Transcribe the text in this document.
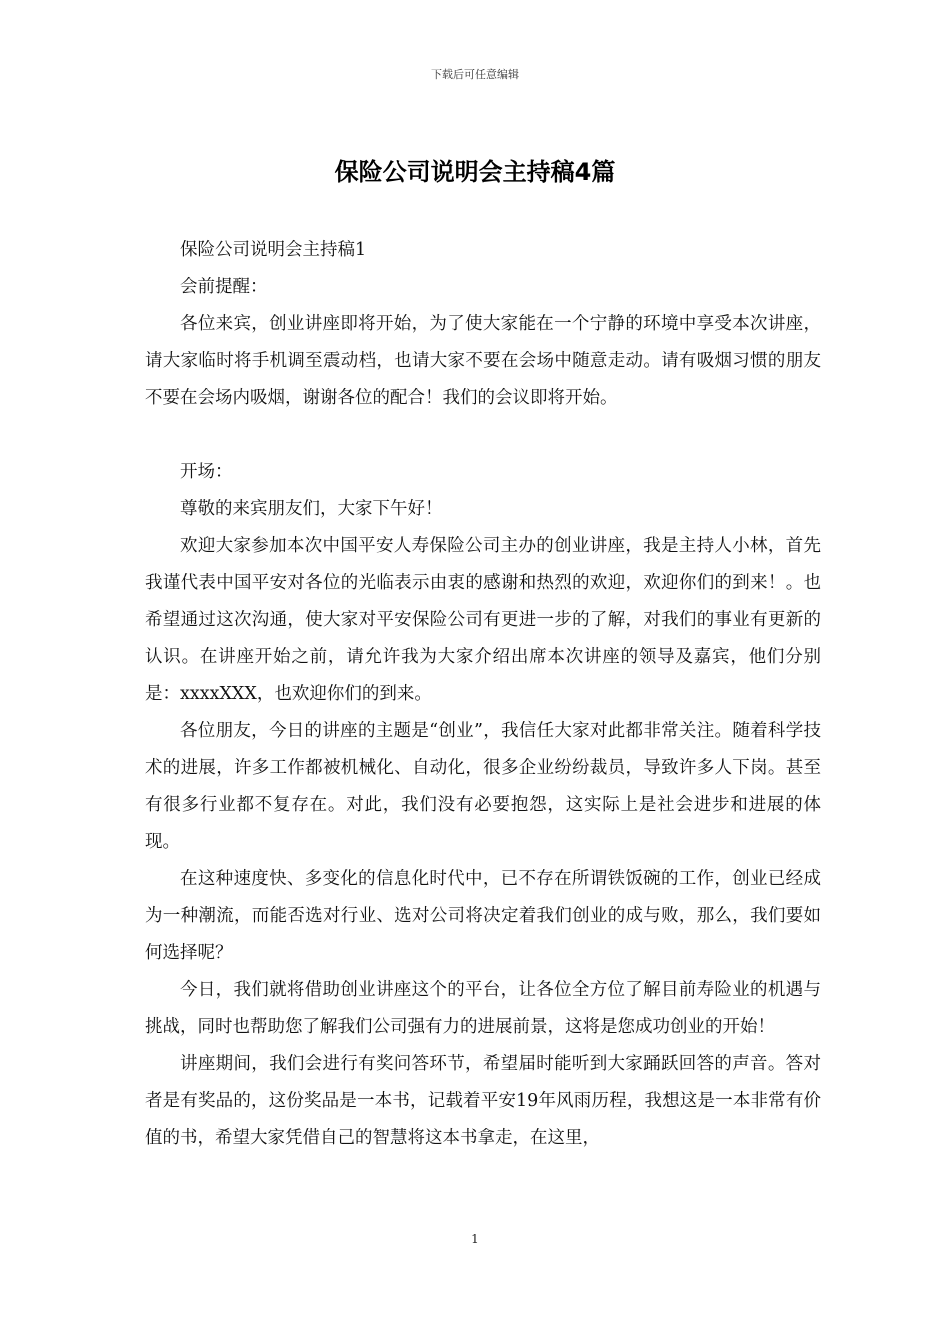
下载后可任意编辑
保险公司说明会主持稿4篇

保险公司说明会主持稿1

会前提醒：

各位来宾，创业讲座即将开始，为了使大家能在一个宁静的环境中享受本次讲座，请大家临时将手机调至震动档，也请大家不要在会场中随意走动。请有吸烟习惯的朋友不要在会场内吸烟，谢谢各位的配合！我们的会议即将开始。

开场：

尊敬的来宾朋友们，大家下午好！

欢迎大家参加本次中国平安人寿保险公司主办的创业讲座，我是主持人小林，首先我谨代表中国平安对各位的光临表示由衷的感谢和热烈的欢迎，欢迎你们的到来！。也希望通过这次沟通，使大家对平安保险公司有更进一步的了解，对我们的事业有更新的认识。在讲座开始之前，请允许我为大家介绍出席本次讲座的领导及嘉宾，他们分别是：xxxxXXX，也欢迎你们的到来。

各位朋友，今日的讲座的主题是“创业”，我信任大家对此都非常关注。随着科学技术的进展，许多工作都被机械化、自动化，很多企业纷纷裁员，导致许多人下岗。甚至有很多行业都不复存在。对此，我们没有必要抱怨，这实际上是社会进步和进展的体现。

在这种速度快、多变化的信息化时代中，已不存在所谓铁饭碗的工作，创业已经成为一种潮流，而能否选对行业、选对公司将决定着我们创业的成与败，那么，我们要如何选择呢？

今日，我们就将借助创业讲座这个的平台，让各位全方位了解目前寿险业的机遇与挑战，同时也帮助您了解我们公司强有力的进展前景，这将是您成功创业的开始！

讲座期间，我们会进行有奖问答环节，希望届时能听到大家踊跃回答的声音。答对者是有奖品的，这份奖品是一本书，记载着平安19年风雨历程，我想这是一本非常有价值的书，希望大家凭借自己的智慧将这本书拿走，在这里，

1
